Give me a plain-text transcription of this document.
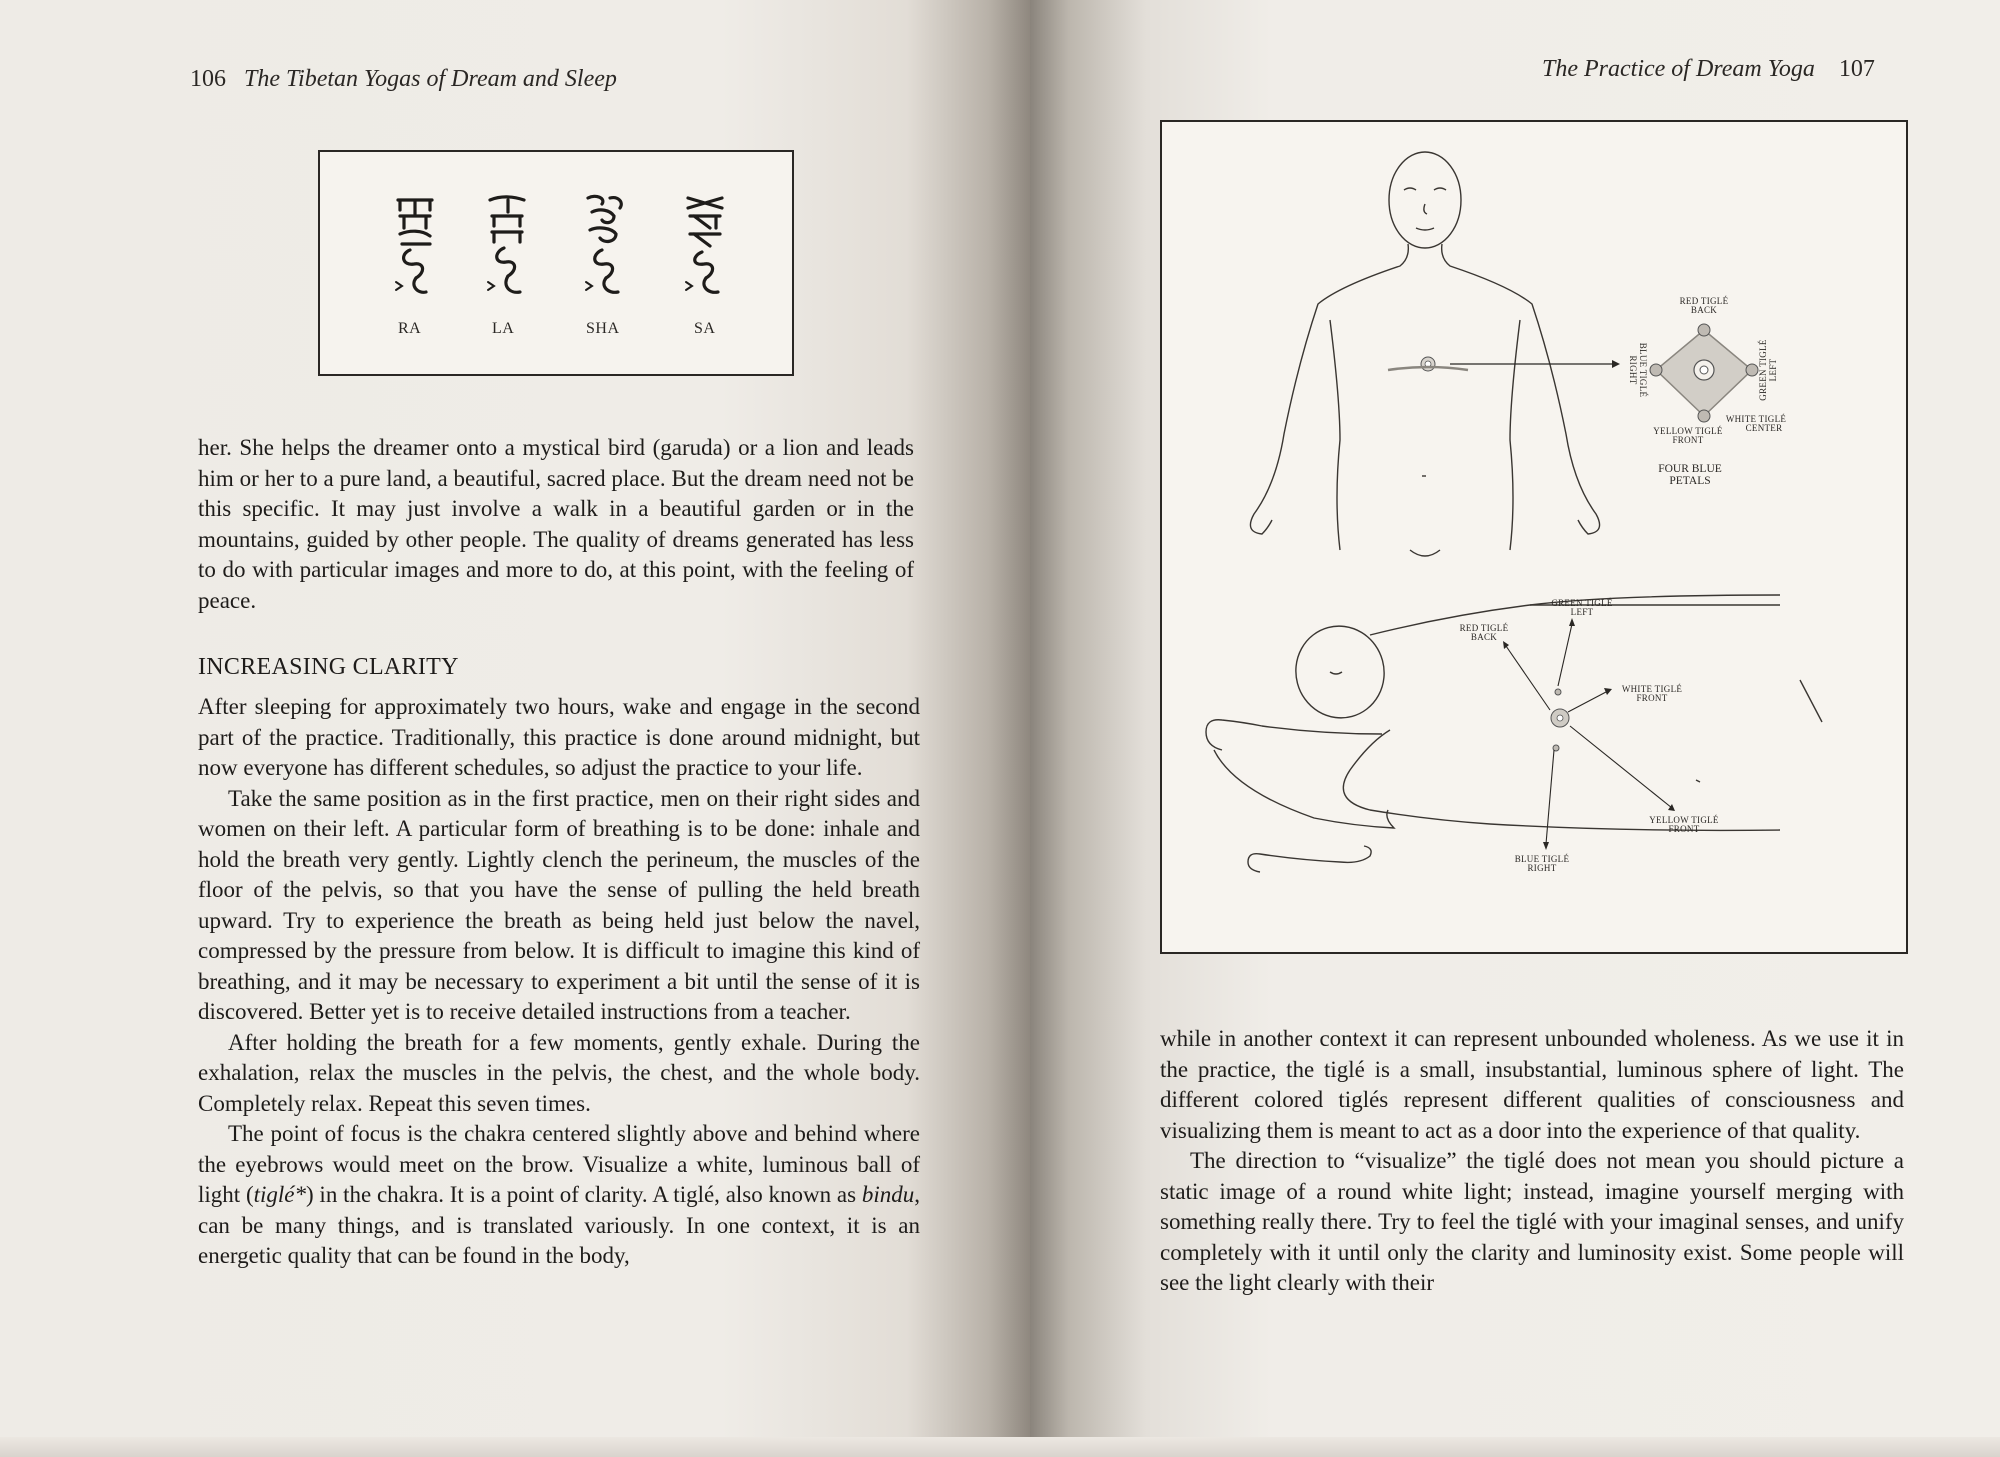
106 The Tibetan Yogas of Dream and Sleep
RA	LA	SHA	SA

her. She helps the dreamer onto a mystical bird (garuda) or a lion and leads him or her to a pure land, a beautiful, sacred place. But the dream need not be this specific. It may just involve a walk in a beautiful garden or in the mountains, guided by other people. The quality of dreams generated has less to do with particular images and more to do, at this point, with the feeling of peace.

INCREASING CLARITY

After sleeping for approximately two hours, wake and engage in the second part of the practice. Traditionally, this practice is done around midnight, but now everyone has different schedules, so adjust the practice to your life.

Take the same position as in the first practice, men on their right sides and women on their left. A particular form of breathing is to be done: inhale and hold the breath very gently. Lightly clench the perineum, the muscles of the floor of the pelvis, so that you have the sense of pulling the held breath upward. Try to experience the breath as being held just below the navel, compressed by the pressure from below. It is difficult to imagine this kind of breathing, and it may be necessary to experiment a bit until the sense of it is discovered. Better yet is to receive detailed instructions from a teacher.

After holding the breath for a few moments, gently exhale. During the exhalation, relax the muscles in the pelvis, the chest, and the whole body. Completely relax. Repeat this seven times.

The point of focus is the chakra centered slightly above and behind where the eyebrows would meet on the brow. Visualize a white, luminous ball of light (tiglé*) in the chakra. It is a point of clarity. A tiglé, also known as bindu, can be many things, and is translated variously. In one context, it is an energetic quality that can be found in the body,

The Practice of Dream Yoga 107
RED TIGLÉ
BACK
BLUE TIGLÉ
RIGHT	GREEN TIGLÉ LEFT
WHITE TIGLÉ
CENTER
YELLOW TIGLÉ
FRONT
FOUR BLUE
PETALS
GREEN TIGLÉ
LEFT
RED TIGLÉ
BACK
WHITE TIGLÉ
FRONT
YELLOW TIGLÉ
FRONT
BLUE TIGLÉ
RIGHT

while in another context it can represent unbounded wholeness. As we use it in the practice, the tiglé is a small, insubstantial, luminous sphere of light. The different colored tiglés represent different qualities of consciousness and visualizing them is meant to act as a door into the experience of that quality.

The direction to “visualize” the tiglé does not mean you should picture a static image of a round white light; instead, imagine yourself merging with something really there. Try to feel the tiglé with your imaginal senses, and unify completely with it until only the clarity and luminosity exist. Some people will see the light clearly with their
